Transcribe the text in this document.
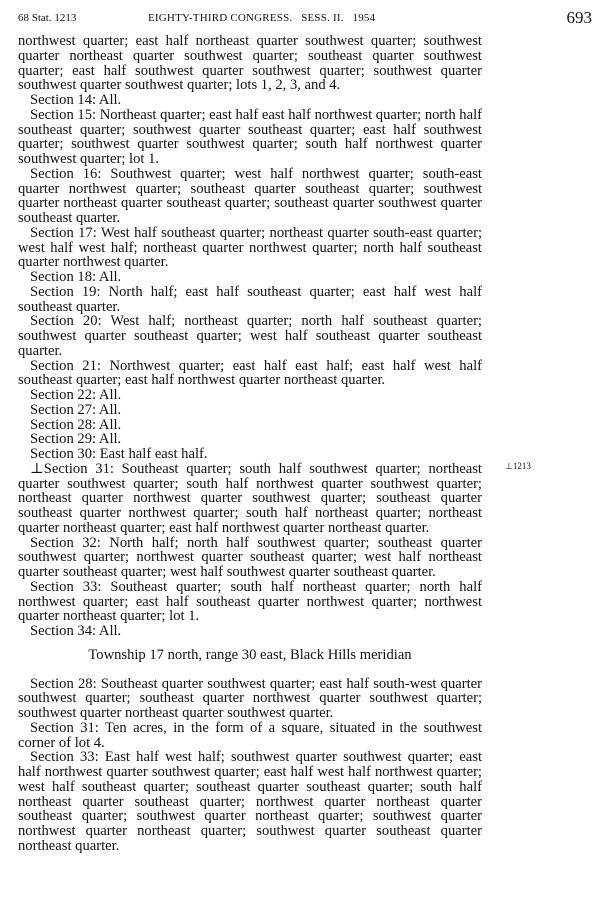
68 Stat. 1213	EIGHTY-THIRD CONGRESS.   SESS. II.   1954	693

northwest quarter; east half northeast quarter southwest quarter; southwest quarter northeast quarter southwest quarter; southeast quarter southwest quarter; east half southwest quarter southwest quarter; southwest quarter southwest quarter southwest quarter; lots 1, 2, 3, and 4.

Section 14: All.

Section 15: Northeast quarter; east half east half northwest quarter; north half southeast quarter; southwest quarter southeast quarter; east half southwest quarter; southwest quarter southwest quarter; south half northwest quarter southwest quarter; lot 1.

Section 16: Southwest quarter; west half northwest quarter; south-east quarter northwest quarter; southeast quarter southeast quarter; southwest quarter northeast quarter southeast quarter; southeast quarter southwest quarter southeast quarter.

Section 17: West half southeast quarter; northeast quarter south-east quarter; west half west half; northeast quarter northwest quarter; north half southeast quarter northwest quarter.

Section 18: All.

Section 19: North half; east half southeast quarter; east half west half southeast quarter.

Section 20: West half; northeast quarter; north half southeast quarter; southwest quarter southeast quarter; west half southeast quarter southeast quarter.

Section 21: Northwest quarter; east half east half; east half west half southeast quarter; east half northwest quarter northeast quarter.

Section 22: All.

Section 27: All.

Section 28: All.

Section 29: All.

Section 30: East half east half.

⊥Section 31: Southeast quarter; south half southwest quarter; northeast quarter southwest quarter; south half northwest quarter southwest quarter; northeast quarter northwest quarter southwest quarter; southeast quarter southeast quarter northwest quarter; south half northeast quarter; northeast quarter northeast quarter; east half northwest quarter northeast quarter.

Section 32: North half; north half southwest quarter; southeast quarter southwest quarter; northwest quarter southeast quarter; west half northeast quarter southeast quarter; west half southwest quarter southeast quarter.

Section 33: Southeast quarter; south half northeast quarter; north half northwest quarter; east half southeast quarter northwest quarter; northwest quarter northeast quarter; lot 1.

Section 34: All.

Township 17 north, range 30 east, Black Hills meridian

Section 28: Southeast quarter southwest quarter; east half south-west quarter southwest quarter; southeast quarter northwest quarter southwest quarter; southwest quarter northeast quarter southwest quarter.

Section 31: Ten acres, in the form of a square, situated in the southwest corner of lot 4.

Section 33: East half west half; southwest quarter southwest quarter; east half northwest quarter southwest quarter; east half west half northwest quarter; west half southeast quarter; southeast quarter southeast quarter; south half northeast quarter southeast quarter; northwest quarter northeast quarter southeast quarter; southwest quarter northeast quarter; southwest quarter northwest quarter northeast quarter; southwest quarter southeast quarter northeast quarter.

⊥1213
